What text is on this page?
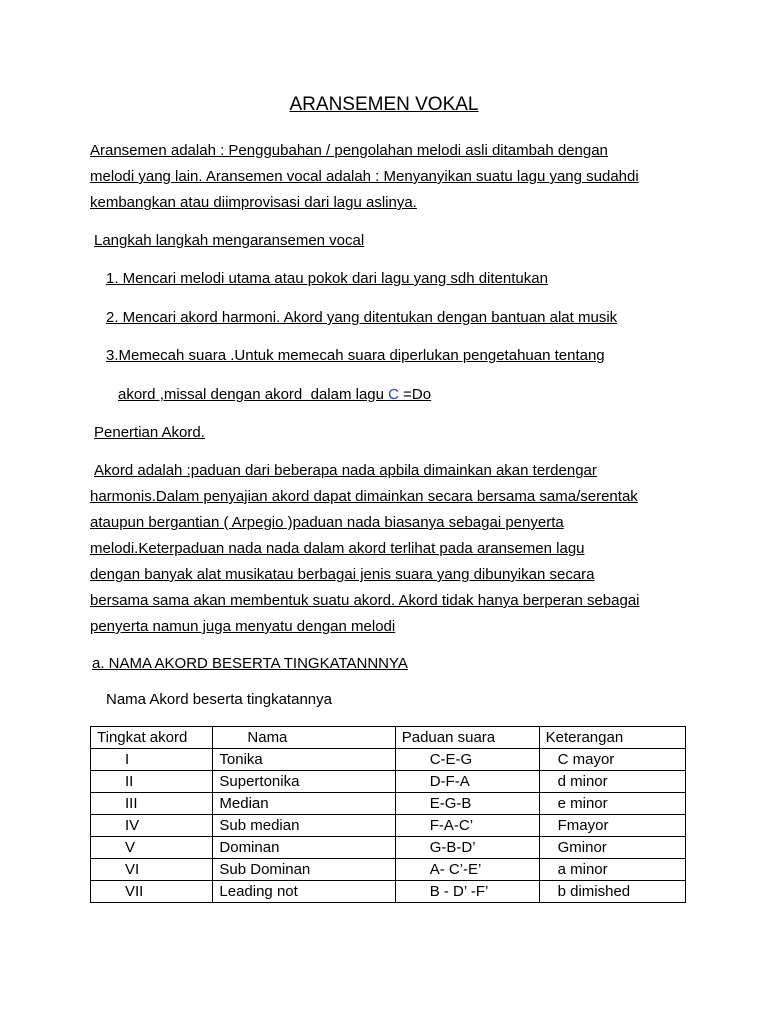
ARANSEMEN VOKAL
Aransemen adalah : Penggubahan / pengolahan melodi asli ditambah dengan
melodi yang lain. Aransemen vocal adalah : Menyanyikan suatu lagu yang sudahdi
kembangkan atau diimprovisasi dari lagu aslinya.
Langkah langkah mengaransemen vocal
1. Mencari melodi utama atau pokok dari lagu yang sdh ditentukan
2. Mencari akord harmoni. Akord yang ditentukan dengan bantuan alat musik
3.Memecah suara .Untuk memecah suara diperlukan pengetahuan tentang
akord ,missal dengan akord  dalam lagu C =Do
Penertian Akord.
Akord adalah :paduan dari beberapa nada apbila dimainkan akan terdengar
harmonis.Dalam penyajian akord dapat dimainkan secara bersama sama/serentak
ataupun bergantian ( Arpegio )paduan nada biasanya sebagai penyerta
melodi.Keterpaduan nada nada dalam akord terlihat pada aransemen lagu
dengan banyak alat musikatau berbagai jenis suara yang dibunyikan secara
bersama sama akan membentuk suatu akord. Akord tidak hanya berperan sebagai
penyerta namun juga menyatu dengan melodi
a. NAMA AKORD BESERTA TINGKATANNNYA
Nama Akord beserta tingkatannya
Tingkat akord	Nama	Paduan suara	Keterangan
I	Tonika	C-E-G	C mayor
II	Supertonika	D-F-A	d minor
III	Median	E-G-B	e minor
IV	Sub median	F-A-C’	Fmayor
V	Dominan	G-B-D’	Gminor
VI	Sub Dominan	A- C’-E’	a minor
VII	Leading not	B - D’ -F’	b dimished
